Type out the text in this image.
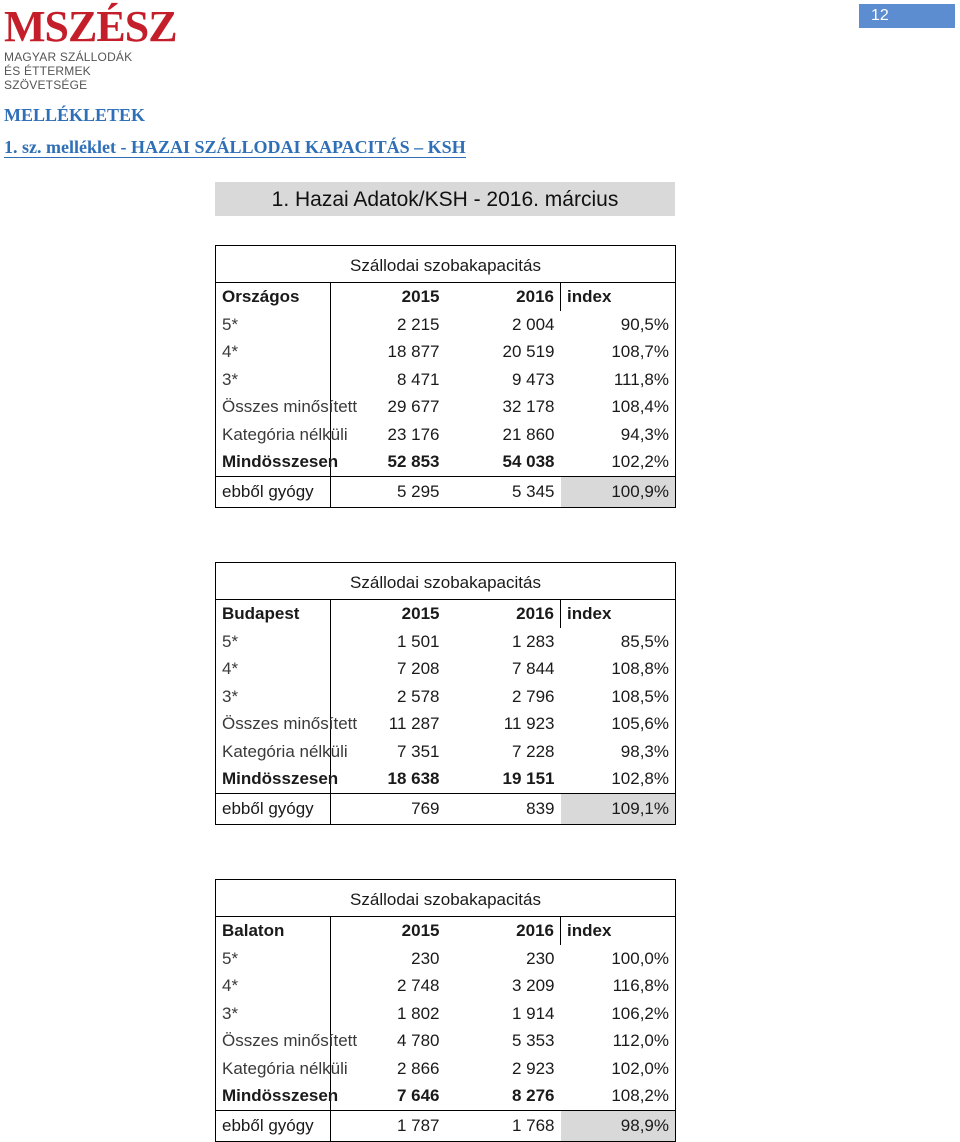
MSZÉSZ
MAGYAR SZÁLLODÁK
ÉS ÉTTERMEK SZÖVETSÉGE
12
MELLÉKLETEK
1. sz. melléklet - HAZAI SZÁLLODAI KAPACITÁS – KSH
1. Hazai Adatok/KSH - 2016. március
Szállodai szobakapacitás			
Országos	2015	2016	index
5*	2 215	2 004	90,5%
4*	18 877	20 519	108,7%
3*	8 471	9 473	111,8%
Összes minősített	29 677	32 178	108,4%
Kategória nélküli	23 176	21 860	94,3%
Mindösszesen	52 853	54 038	102,2%
ebből gyógy	5 295	5 345	100,9%
Szállodai szobakapacitás			
Budapest	2015	2016	index
5*	1 501	1 283	85,5%
4*	7 208	7 844	108,8%
3*	2 578	2 796	108,5%
Összes minősített	11 287	11 923	105,6%
Kategória nélküli	7 351	7 228	98,3%
Mindösszesen	18 638	19 151	102,8%
ebből gyógy	769	839	109,1%
Szállodai szobakapacitás			
Balaton	2015	2016	index
5*	230	230	100,0%
4*	2 748	3 209	116,8%
3*	1 802	1 914	106,2%
Összes minősített	4 780	5 353	112,0%
Kategória nélküli	2 866	2 923	102,0%
Mindösszesen	7 646	8 276	108,2%
ebből gyógy	1 787	1 768	98,9%
